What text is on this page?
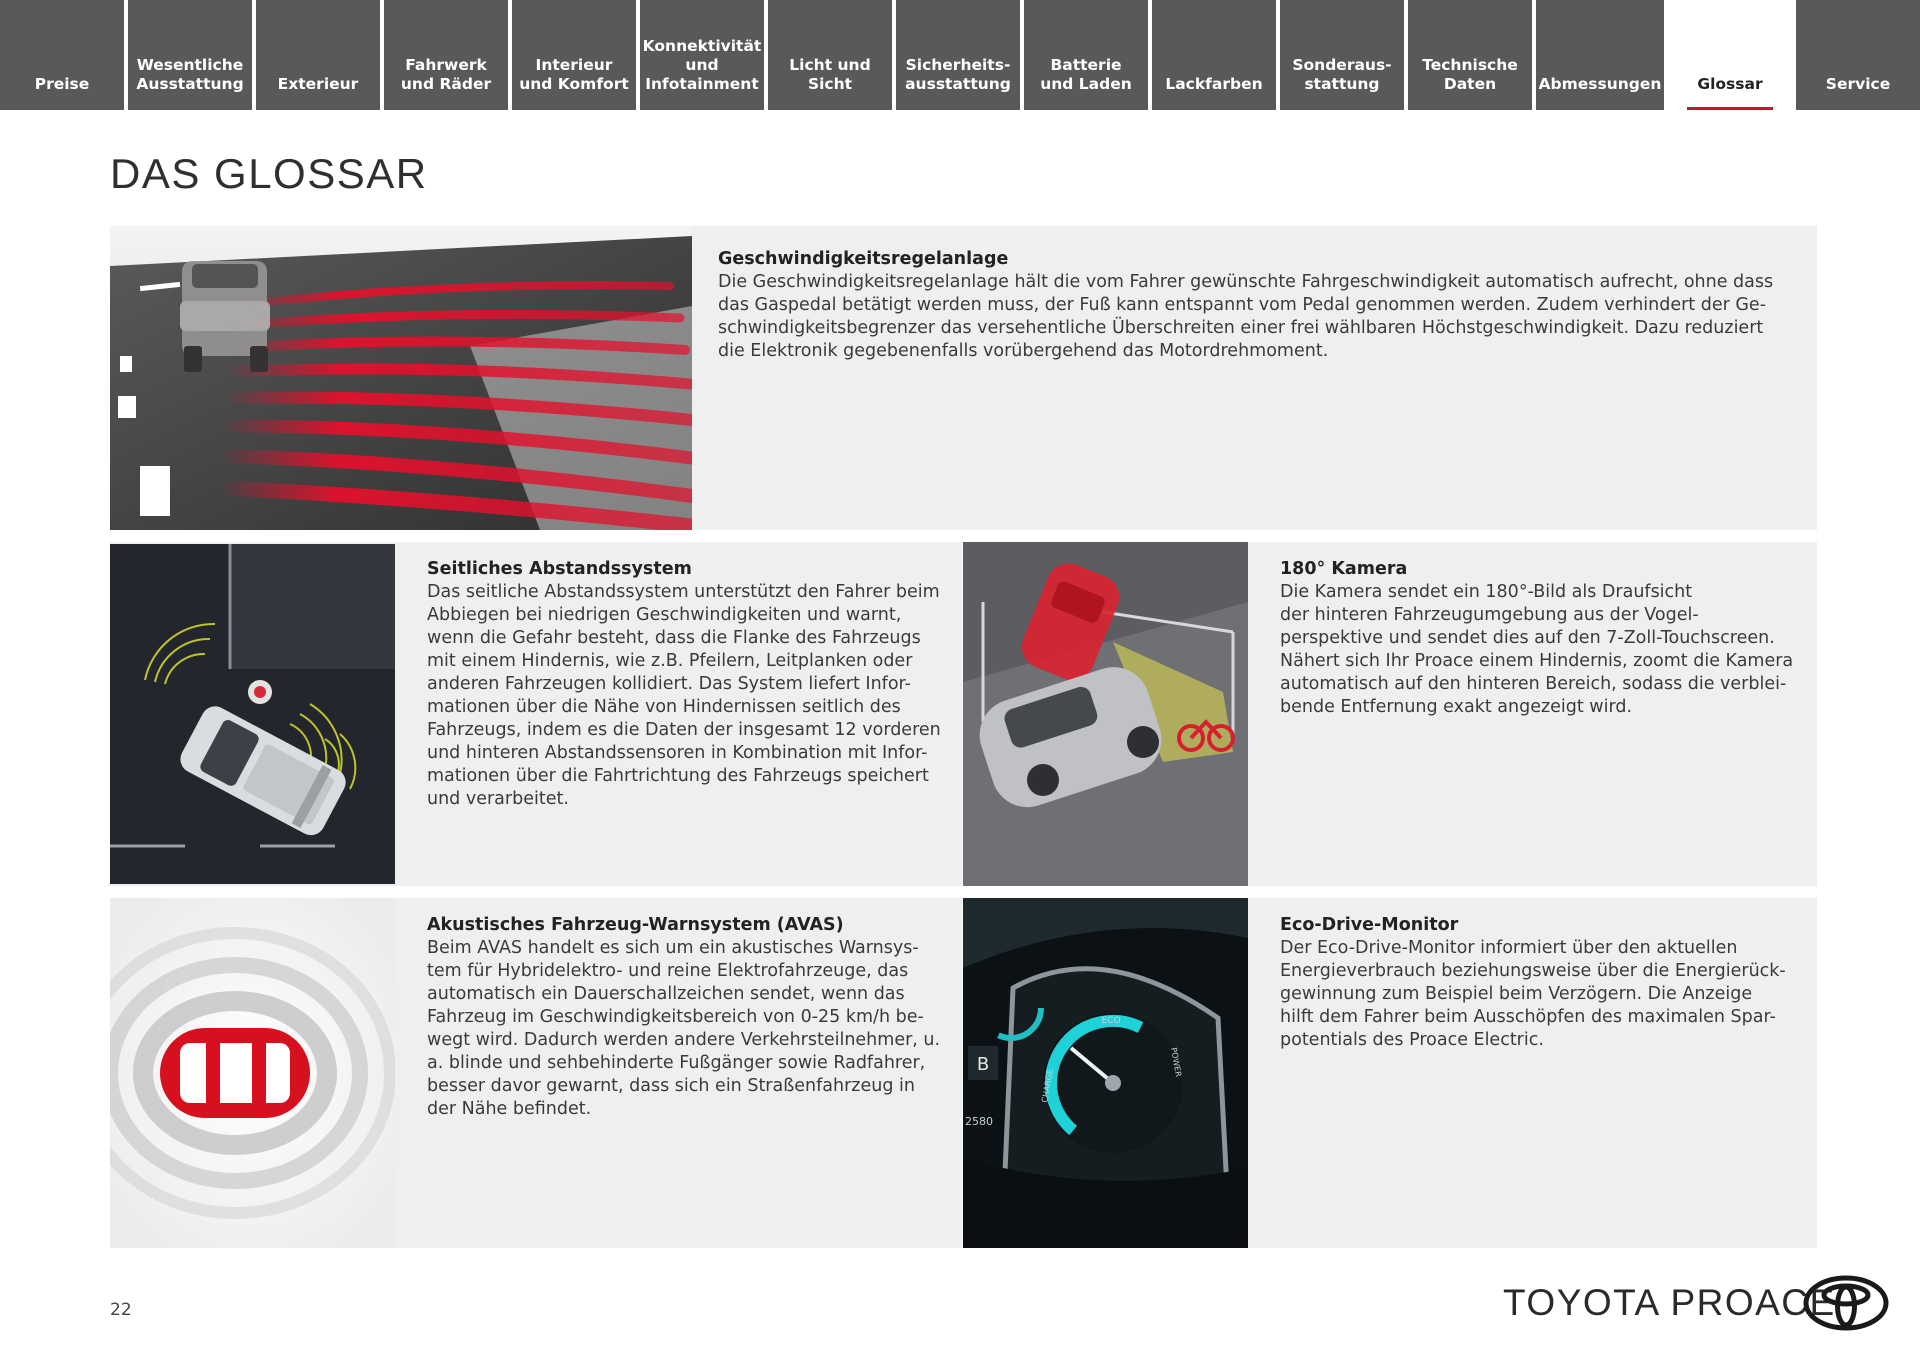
Preise
Wesentliche
Ausstattung Exterieur
Fahrwerk
und Räder
Interieur
und Komfort
Konnektivität
und
Infotainment
Licht und Sicht
Sicherheits-
ausstattung
Batterie
und Laden Lackfarben
Sonderaus-
stattung
Technische
Daten	Abmessungen Glossar	Service
DAS GLOSSAR
Geschwindigkeitsregelanlage

Die Geschwindigkeitsregelanlage hält die vom Fahrer gewünschte Fahrgeschwindigkeit automatisch aufrecht, ohne dass
das Gaspedal betätigt werden muss, der Fuß kann entspannt vom Pedal genommen werden. Zudem verhindert der Ge-
schwindigkeitsbegrenzer das versehentliche Überschreiten einer frei wählbaren Höchstgeschwindigkeit. Dazu reduziert
die Elektronik gegebenenfalls vorübergehend das Motordrehmoment.

Seitliches Abstandssystem

Das seitliche Abstandssystem unterstützt den Fahrer beim
Abbiegen bei niedrigen Geschwindigkeiten und warnt,
wenn die Gefahr besteht, dass die Flanke des Fahrzeugs
mit einem Hindernis, wie z.B. Pfeilern, Leitplanken oder
anderen Fahrzeugen kollidiert. Das System liefert Infor-
mationen über die Nähe von Hindernissen seitlich des
Fahrzeugs, indem es die Daten der insgesamt 12 vorderen
und hinteren Abstandssensoren in Kombination mit Infor-
mationen über die Fahrtrichtung des Fahrzeugs speichert
und verarbeitet.

180° Kamera

Die Kamera sendet ein 180°-Bild als Draufsicht
der hinteren Fahrzeugumgebung aus der Vogel-
perspektive und sendet dies auf den 7-Zoll-Touchscreen.
Nähert sich Ihr Proace einem Hindernis, zoomt die Kamera
automatisch auf den hinteren Bereich, sodass die verblei-
bende Entfernung exakt angezeigt wird.

Akustisches Fahrzeug-Warnsystem (AVAS)

Beim AVAS handelt es sich um ein akustisches Warnsys-
tem für Hybridelektro- und reine Elektrofahrzeuge, das
automatisch ein Dauerschallzeichen sendet, wenn das
Fahrzeug im Geschwindigkeitsbereich von 0-25 km/h be-
wegt wird. Dadurch werden andere Verkehrsteilnehmer, u.
a. blinde und sehbehinderte Fußgänger sowie Radfahrer,
besser davor gewarnt, dass sich ein Straßenfahrzeug in
der Nähe befindet.

ECO
CHARGE
POWER
B
2580
Eco-Drive-Monitor

Der Eco-Drive-Monitor informiert über den aktuellen
Energieverbrauch beziehungsweise über die Energierück-
gewinnung zum Beispiel beim Verzögern. Die Anzeige
hilft dem Fahrer beim Ausschöpfen des maximalen Spar-
potentials des Proace Electric.

22	TOYOTA PROACE
